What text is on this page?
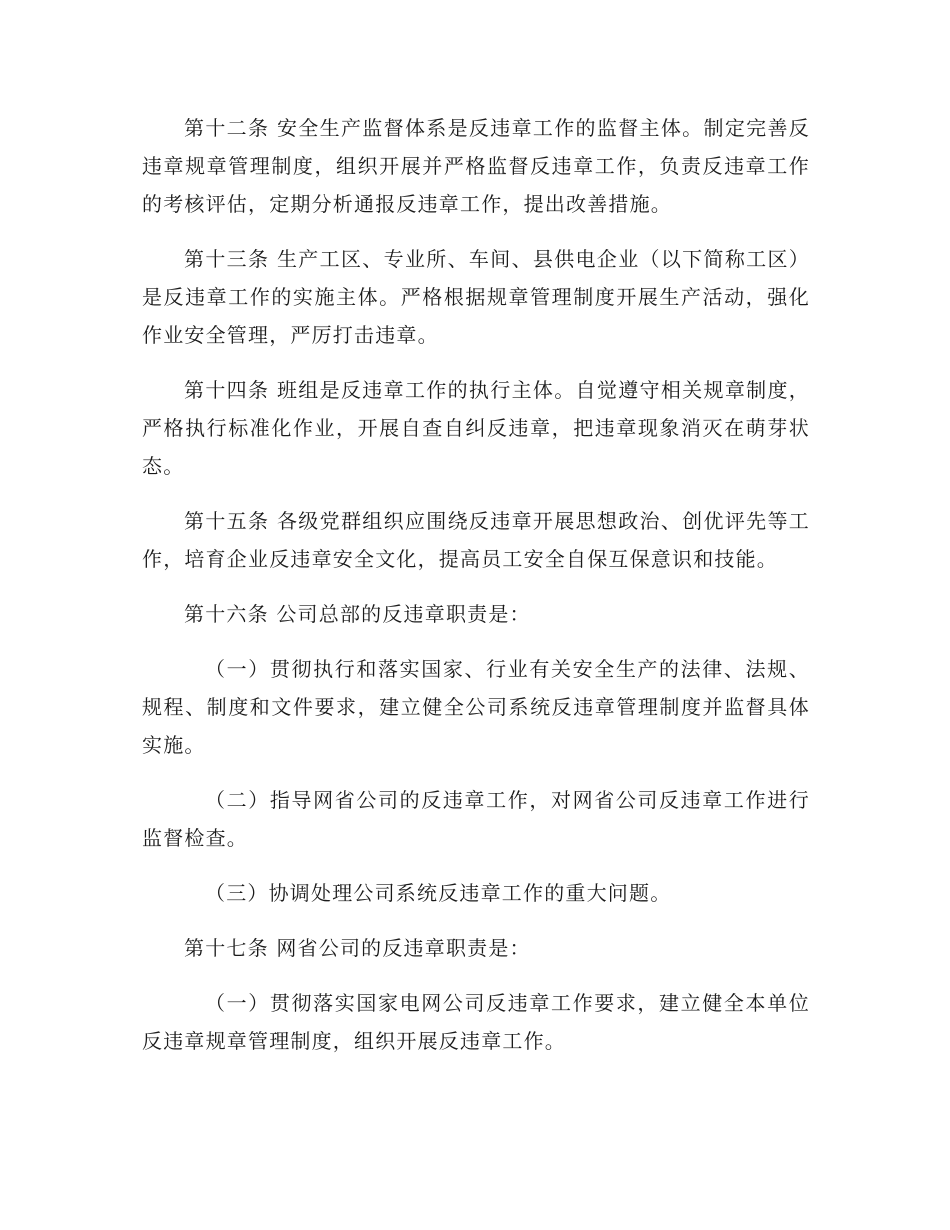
第十二条 安全生产监督体系是反违章工作的监督主体。制定完善反违章规章管理制度，组织开展并严格监督反违章工作，负责反违章工作的考核评估，定期分析通报反违章工作，提出改善措施。

第十三条 生产工区、专业所、车间、县供电企业（以下简称工区）是反违章工作的实施主体。严格根据规章管理制度开展生产活动，强化作业安全管理，严厉打击违章。

第十四条 班组是反违章工作的执行主体。自觉遵守相关规章制度，严格执行标准化作业，开展自查自纠反违章，把违章现象消灭在萌芽状态。

第十五条 各级党群组织应围绕反违章开展思想政治、创优评先等工作，培育企业反违章安全文化，提高员工安全自保互保意识和技能。

第十六条 公司总部的反违章职责是：

（一）贯彻执行和落实国家、行业有关安全生产的法律、法规、规程、制度和文件要求，建立健全公司系统反违章管理制度并监督具体实施。

（二）指导网省公司的反违章工作，对网省公司反违章工作进行监督检查。

（三）协调处理公司系统反违章工作的重大问题。

第十七条 网省公司的反违章职责是：

（一）贯彻落实国家电网公司反违章工作要求，建立健全本单位反违章规章管理制度，组织开展反违章工作。
